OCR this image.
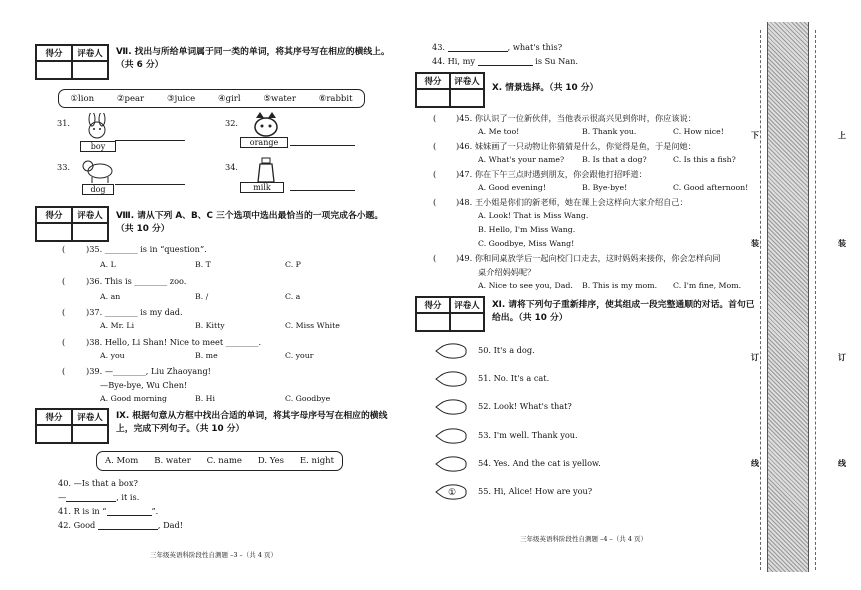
得分	评卷人	Ⅶ. 找出与所给单词属于同一类的单词，将其序号写在相应的横线上。（共 6 分）
①lion	②pear	③juice	④girl	⑤water	⑥rabbit
31.
boy
32.
orange
33.
dog
34.
milk
得分	评卷人	Ⅷ. 请从下列 A、B、C 三个选项中选出最恰当的一项完成各小题。（共 10 分）
(	)35. ________ is in “question”.
A. L	B. T	C. P
(	)36. This is ________ zoo.
A. an	B. /	C. a
(	)37. ________ is my dad.
A. Mr. Li	B. Kitty	C. Miss White
(	)38. Hello, Li Shan! Nice to meet ________.
A. you	B. me	C. your
(	)39. —________, Liu Zhaoyang!
—Bye-bye, Wu Chen!
A. Good morning	B. Hi	C. Goodbye
得分	评卷人	Ⅸ. 根据句意从方框中找出合适的单词，将其字母序号写在相应的横线上，完成下列句子。（共 10 分）
A. Mom B. water C. name D. Yes E. night
40. —Is that a box?
—	, it is.
41. R is in “	”.
42. Good	, Dad!
三年级英语科阶段性自测题 –3 –（共 4 页）
43.	, what's this?
44. Hi, my	is Su Nan.
得分	评卷人
Ⅹ. 情景选择。（共 10 分）
( )45. 你认识了一位新伙伴，当他表示很高兴见到你时，你应该说：
A. Me too!	B. Thank you.	C. How nice!
( )46. 妹妹画了一只动物让你猜猜是什么，你觉得是鱼，于是问她：
A. What's your name? B. Is that a dog?	C. Is this a fish?
( )47. 你在下午三点时遇到朋友，你会跟他打招呼道：
A. Good evening!	B. Bye-bye!	C. Good afternoon!
( )48. 王小姐是你们的新老师，她在课上会这样向大家介绍自己：
A. Look! That is Miss Wang.
B. Hello, I'm Miss Wang.
C. Goodbye, Miss Wang!
( )49. 你和同桌放学后一起向校门口走去，这时妈妈来接你，你会怎样向同
桌介绍妈妈呢？
A. Nice to see you, Dad. B. This is my mom. C. I'm fine, Mom.
得分	评卷人	Ⅺ. 请将下列句子重新排序，使其组成一段完整通顺的对话。首句已给出。（共 10 分）
50. It's a dog.
51. No. It's a cat.
52. Look! What's that?
53. I'm well. Thank you.
54. Yes. And the cat is yellow.
①	55. Hi, Alice! How are you?
三年级英语科阶段性自测题 –4 –（共 4 页）
下
装
订
线
上
装
订
线
